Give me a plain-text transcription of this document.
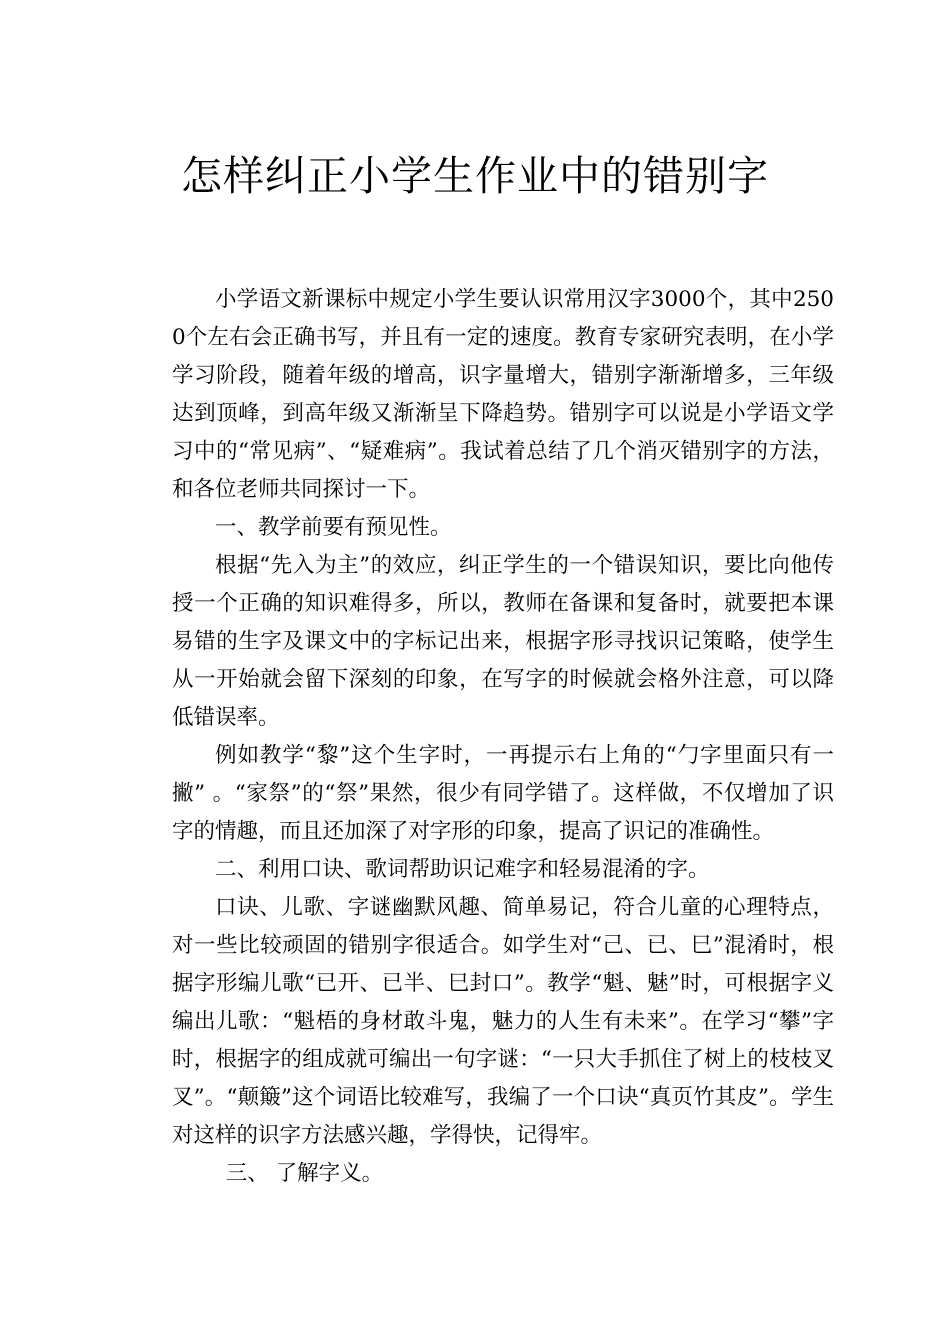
怎样纠正小学生作业中的错别字

小学语文新课标中规定小学生要认识常用汉字3000个，其中2500个左右会正确书写，并且有一定的速度。教育专家研究表明，在小学学习阶段，随着年级的增高，识字量增大，错别字渐渐增多，三年级达到顶峰，到高年级又渐渐呈下降趋势。错别字可以说是小学语文学习中的“常见病”、“疑难病”。我试着总结了几个消灭错别字的方法，和各位老师共同探讨一下。

一、教学前要有预见性。

根据“先入为主”的效应，纠正学生的一个错误知识，要比向他传授一个正确的知识难得多，所以，教师在备课和复备时，就要把本课易错的生字及课文中的字标记出来，根据字形寻找识记策略，使学生从一开始就会留下深刻的印象，在写字的时候就会格外注意，可以降低错误率。

例如教学“黎”这个生字时，一再提示右上角的“勹字里面只有一撇” 。“家祭”的“祭”果然，很少有同学错了。这样做，不仅增加了识字的情趣，而且还加深了对字形的印象，提高了识记的准确性。

二、利用口诀、歌词帮助识记难字和轻易混淆的字。

口诀、儿歌、字谜幽默风趣、简单易记，符合儿童的心理特点，对一些比较顽固的错别字很适合。如学生对“己、已、巳”混淆时，根据字形编儿歌“已开、已半、巳封口”。教学“魁、魅”时，可根据字义编出儿歌：“魁梧的身材敢斗鬼，魅力的人生有未来”。在学习“攀”字时，根据字的组成就可编出一句字谜：“一只大手抓住了树上的枝枝叉叉”。“颠簸”这个词语比较难写，我编了一个口诀“真页竹其皮”。学生对这样的识字方法感兴趣，学得快，记得牢。

三、 了解字义。
